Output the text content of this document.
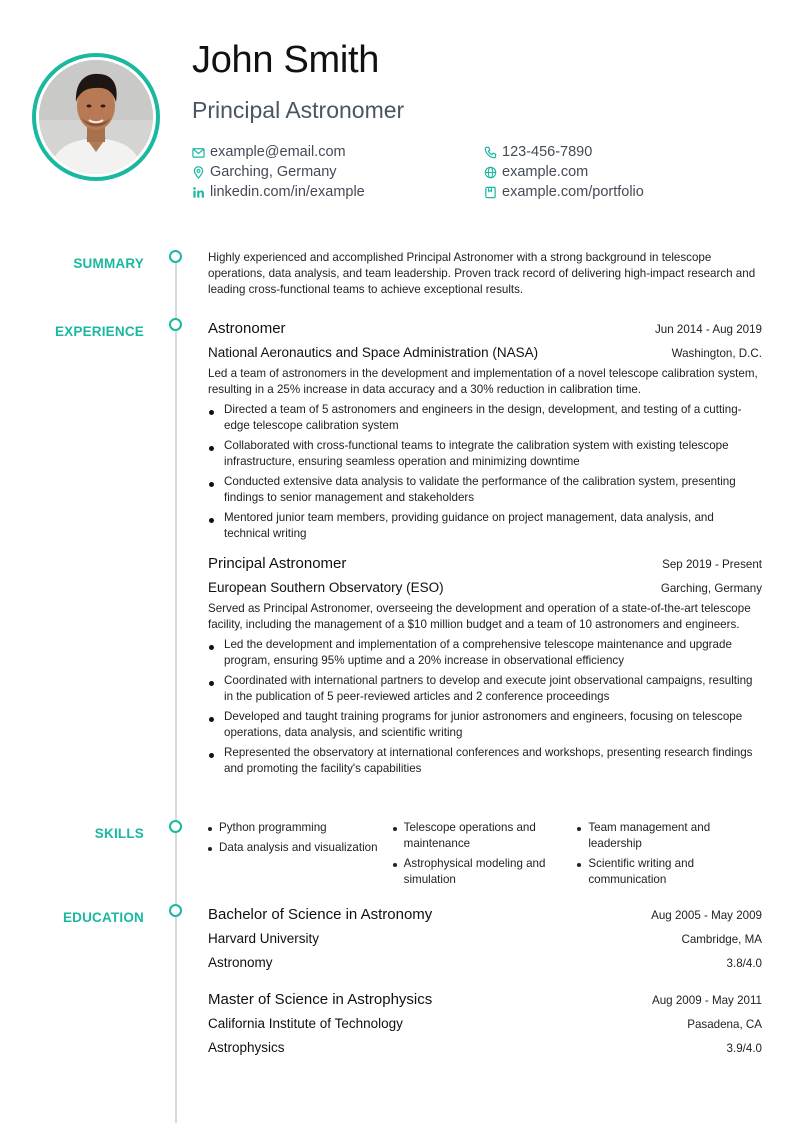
John Smith
Principal Astronomer
example@email.com	123-456-7890
Garching, Germany	example.com
linkedin.com/in/example	example.com/portfolio
SUMMARY	Highly experienced and accomplished Principal Astronomer with a strong background in telescope operations, data analysis, and team leadership. Proven track record of delivering high-impact research and leading cross-functional teams to achieve exceptional results.

EXPERIENCE	Astronomer	Jun 2014 - Aug 2019
National Aeronautics and Space Administration (NASA)	Washington, D.C.

Led a team of astronomers in the development and implementation of a novel telescope calibration system, resulting in a 25% increase in data accuracy and a 30% reduction in calibration time.

Directed a team of 5 astronomers and engineers in the design, development, and testing of a cutting-edge telescope calibration system
Collaborated with cross-functional teams to integrate the calibration system with existing telescope infrastructure, ensuring seamless operation and minimizing downtime
Conducted extensive data analysis to validate the performance of the calibration system, presenting findings to senior management and stakeholders
Mentored junior team members, providing guidance on project management, data analysis, and technical writing
Principal Astronomer	Sep 2019 - Present
European Southern Observatory (ESO)	Garching, Germany

Served as Principal Astronomer, overseeing the development and operation of a state-of-the-art telescope facility, including the management of a $10 million budget and a team of 10 astronomers and engineers.

Led the development and implementation of a comprehensive telescope maintenance and upgrade program, ensuring 95% uptime and a 20% increase in observational efficiency
Coordinated with international partners to develop and execute joint observational campaigns, resulting in the publication of 5 peer-reviewed articles and 2 conference proceedings
Developed and taught training programs for junior astronomers and engineers, focusing on telescope operations, data analysis, and scientific writing
Represented the observatory at international conferences and workshops, presenting research findings and promoting the facility's capabilities
SKILLS	Python programming
Data analysis and visualization
Telescope operations and maintenance
Astrophysical modeling and simulation
Team management and leadership
Scientific writing and communication
EDUCATION	Bachelor of Science in Astronomy	Aug 2005 - May 2009
Harvard University	Cambridge, MA
Astronomy	3.8/4.0
Master of Science in Astrophysics	Aug 2009 - May 2011
California Institute of Technology	Pasadena, CA
Astrophysics	3.9/4.0
